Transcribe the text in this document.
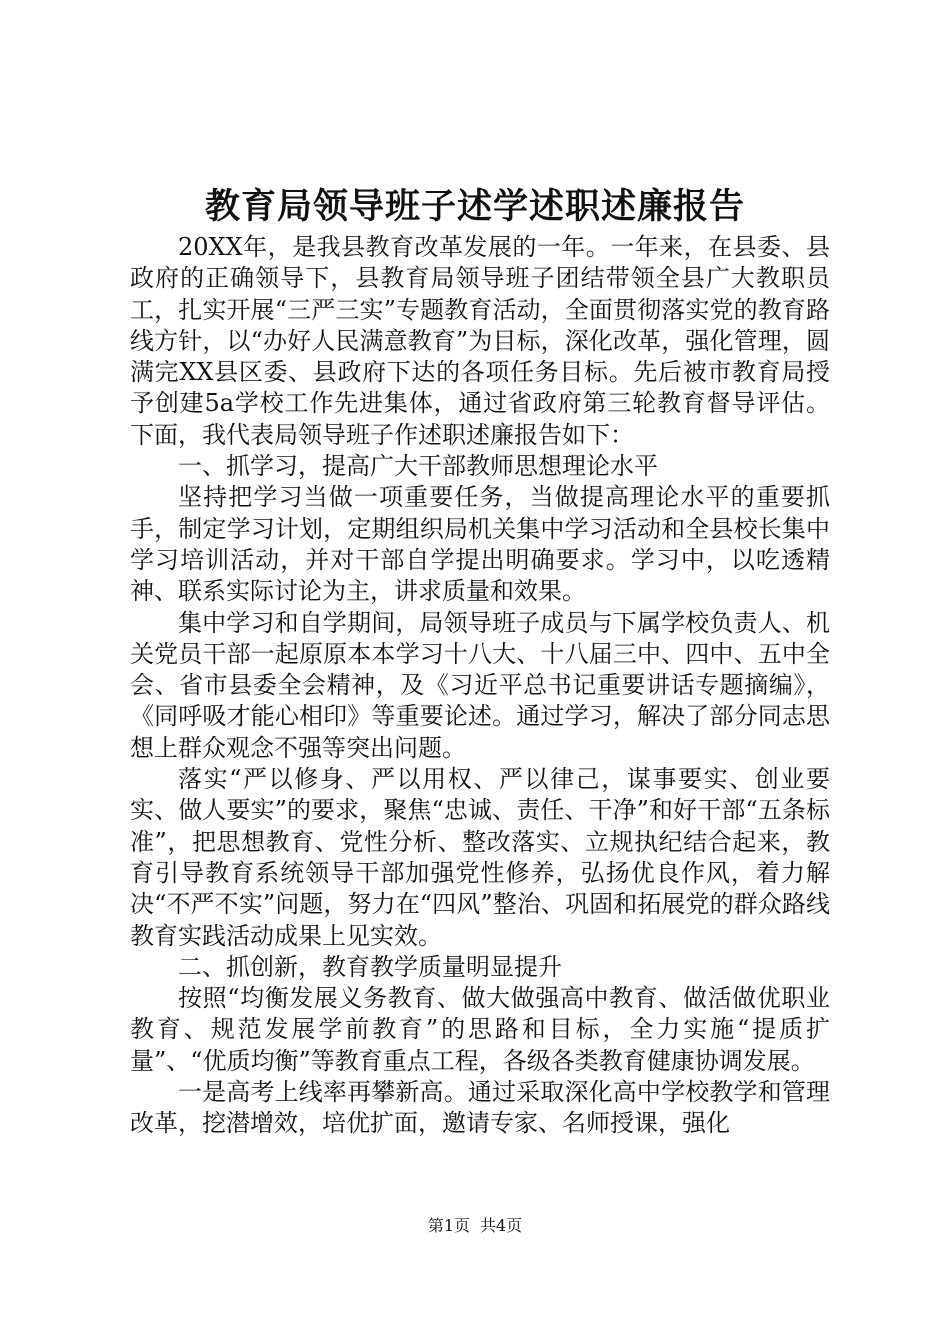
教育局领导班子述学述职述廉报告

20XX年，是我县教育改革发展的一年。一年来，在县委、县政府的正确领导下，县教育局领导班子团结带领全县广大教职员工，扎实开展“三严三实”专题教育活动，全面贯彻落实党的教育路线方针，以“办好人民满意教育”为目标，深化改革，强化管理，圆满完XX县区委、县政府下达的各项任务目标。先后被市教育局授予创建5a学校工作先进集体，通过省政府第三轮教育督导评估。下面，我代表局领导班子作述职述廉报告如下：

一、抓学习，提高广大干部教师思想理论水平

坚持把学习当做一项重要任务，当做提高理论水平的重要抓手，制定学习计划，定期组织局机关集中学习活动和全县校长集中学习培训活动，并对干部自学提出明确要求。学习中，以吃透精神、联系实际讨论为主，讲求质量和效果。

集中学习和自学期间，局领导班子成员与下属学校负责人、机关党员干部一起原原本本学习十八大、十八届三中、四中、五中全会、省市县委全会精神，及《习近平总书记重要讲话专题摘编》，《同呼吸才能心相印》等重要论述。通过学习，解决了部分同志思想上群众观念不强等突出问题。

落实“严以修身、严以用权、严以律己，谋事要实、创业要实、做人要实”的要求，聚焦“忠诚、责任、干净”和好干部“五条标准”，把思想教育、党性分析、整改落实、立规执纪结合起来，教育引导教育系统领导干部加强党性修养，弘扬优良作风，着力解决“不严不实”问题，努力在“四风”整治、巩固和拓展党的群众路线教育实践活动成果上见实效。

二、抓创新，教育教学质量明显提升

按照“均衡发展义务教育、做大做强高中教育、做活做优职业教育、规范发展学前教育”的思路和目标，全力实施“提质扩量”、“优质均衡”等教育重点工程，各级各类教育健康协调发展。

一是高考上线率再攀新高。通过采取深化高中学校教学和管理改革，挖潜增效，培优扩面，邀请专家、名师授课，强化

第1页 共4页
